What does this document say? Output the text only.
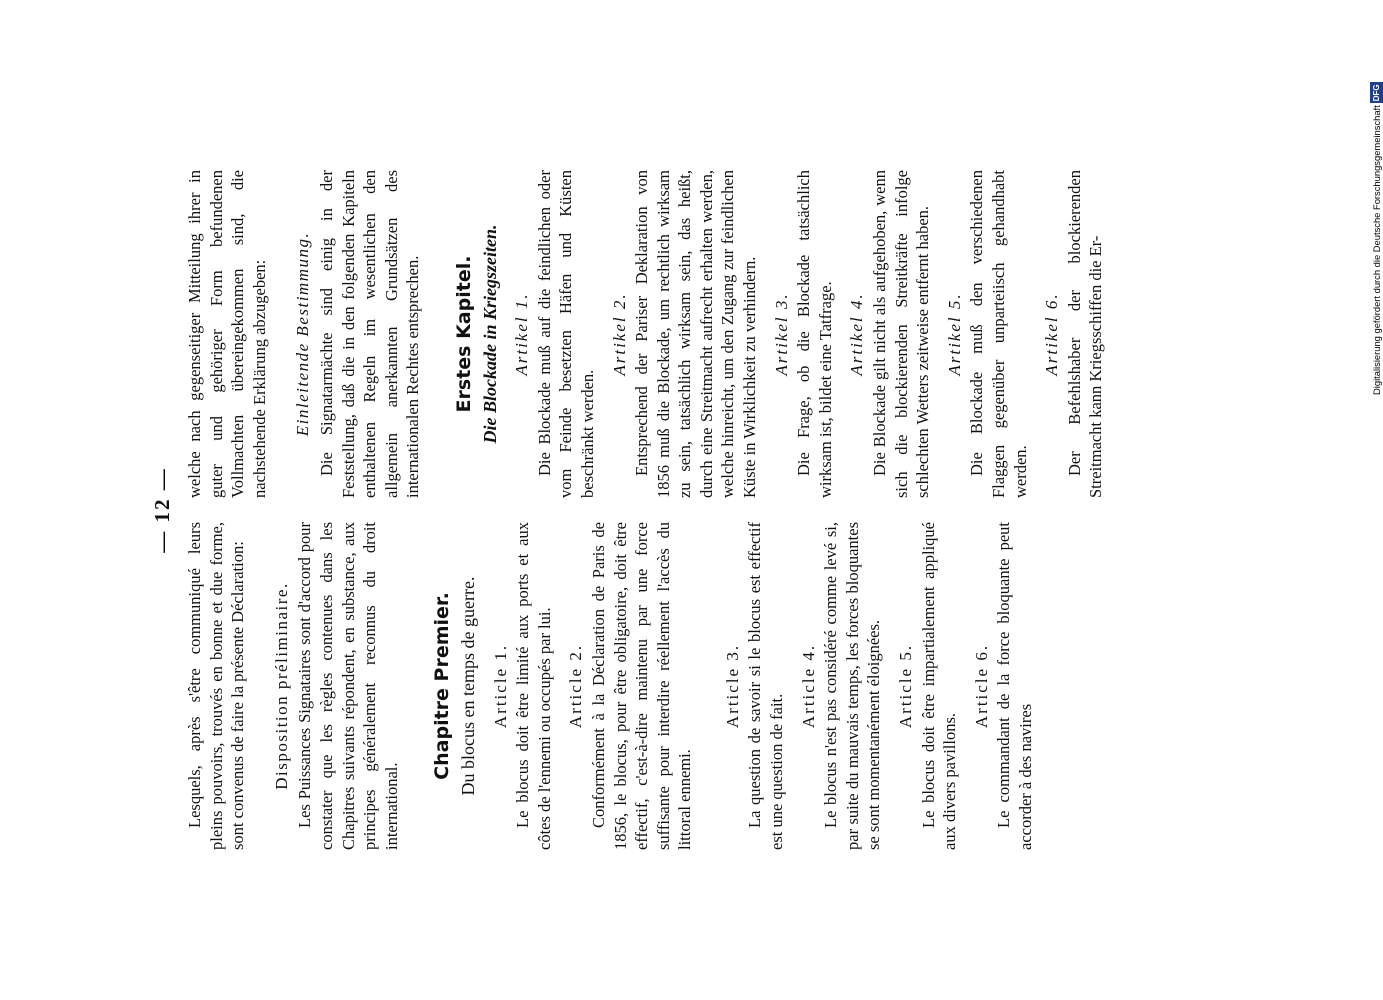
— 12 —

Lesquels, après s'être communiqué leurs pleins pouvoirs, trouvés en bonne et due forme, sont convenus de faire la présente Déclaration: Disposition préliminaire. Les Puissances Signataires sont d'accord pour constater que les règles contenues dans les Chapitres suivants répondent, en substance, aux principes généralement reconnus du droit international.

Chapitre Premier. Du blocus en temps de guerre. Article 1. Le blocus doit être limité aux ports et aux côtes de l'ennemi ou occupés par lui. Article 2. Conformément à la Déclaration de Paris de 1856, le blocus, pour être obligatoire, doit être effectif, c'est-à-dire maintenu par une force suffisante pour interdire réellement l'accès du littoral ennemi.

Article 3. La question de savoir si le blocus est effectif est une question de fait.

Article 4. Le blocus n'est pas considéré comme levé si, par suite du mauvais temps, les forces bloquantes se sont momentanément éloignées. Article 5. Le blocus doit être impartialement appliqué aux divers pavillons.

Article 6. Le commandant de la force bloquante peut accorder à des navires

welche nach gegenseitiger Mitteilung ihrer in guter und gehöriger Form befundenen Vollmachten übereingekommen sind, die nachstehende Erklärung abzugeben: Einleitende Bestimmung. Die Signatarmächte sind einig in der Feststellung, daß die in den folgenden Kapiteln enthaltenen Regeln im wesentlichen den allgemein anerkannten Grundsätzen des internationalen Rechtes entsprechen. Erstes Kapitel. Die Blockade in Kriegszeiten. Artikel 1. Die Blockade muß auf die feindlichen oder vom Feinde besetzten Häfen und Küsten beschränkt werden.

Artikel 2. Entsprechend der Pariser Deklaration von 1856 muß die Blockade, um rechtlich wirksam zu sein, tatsächlich wirksam sein, das heißt, durch eine Streitmacht aufrecht erhalten werden, welche hinreicht, um den Zugang zur feindlichen Küste in Wirklichkeit zu verhindern. Artikel 3. Die Frage, ob die Blockade tatsächlich wirksam ist, bildet eine Tatfrage. Artikel 4. Die Blockade gilt nicht als aufgehoben, wenn sich die blockierenden Streitkräfte infolge schlechten Wetters zeitweise entfernt haben. Artikel 5. Die Blockade muß den verschiedenen Flaggen gegenüber unparteiisch gehandhabt werden.

Artikel 6. Der Befehlshaber der blockierenden Streitmacht kann Kriegsschiffen die Er-	Digitalisierung gefördert durch die Deutsche Forschungsgemeinschaft
DFG
